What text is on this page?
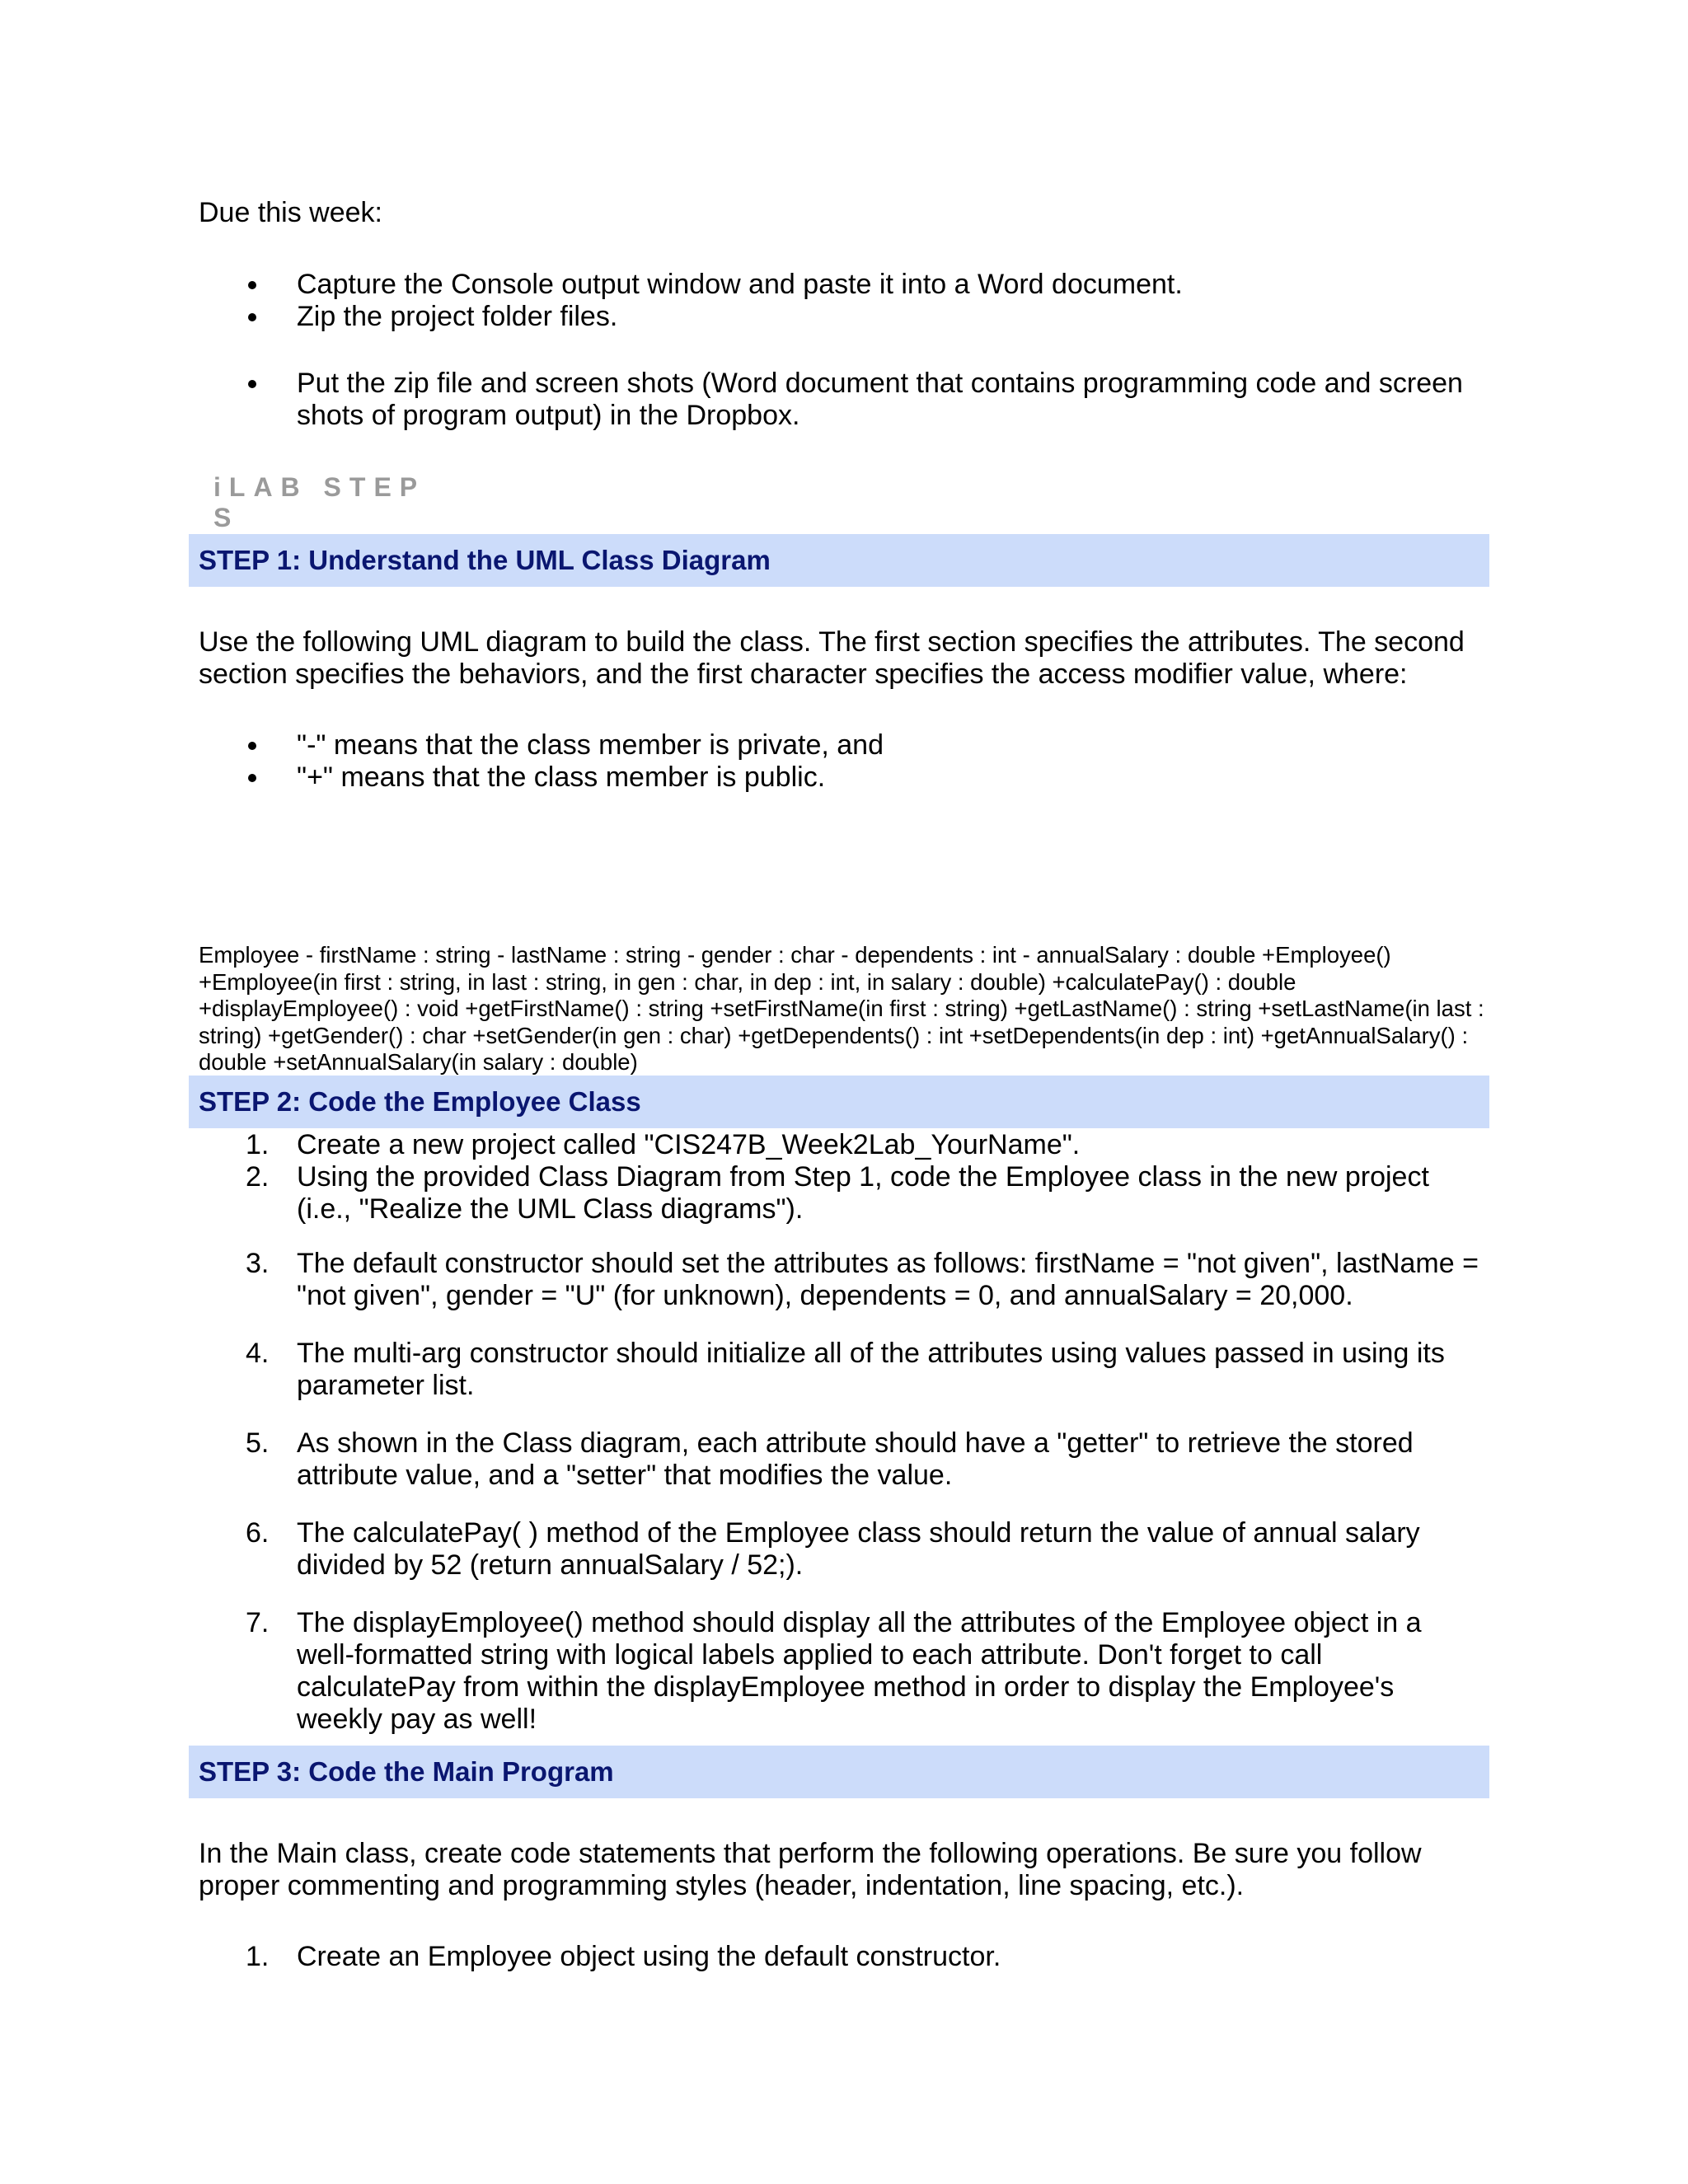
Due this week:

Capture the Console output window and paste it into a Word document.
Zip the project folder files.
Put the zip file and screen shots (Word document that contains programming code and screen shots of program output) in the Dropbox.
iLAB STEPS
STEP 1: Understand the UML Class Diagram

Use the following UML diagram to build the class. The first section specifies the attributes. The second section specifies the behaviors, and the first character specifies the access modifier value, where:

"-" means that the class member is private, and
"+" means that the class member is public.
Employee - firstName : string - lastName : string - gender : char - dependents : int - annualSalary : double +Employee() +Employee(in first : string, in last : string, in gen : char, in dep : int, in salary : double) +calculatePay() : double +displayEmployee() : void +getFirstName() : string +setFirstName(in first : string) +getLastName() : string +setLastName(in last : string) +getGender() : char +setGender(in gen : char) +getDependents() : int +setDependents(in dep : int) +getAnnualSalary() : double +setAnnualSalary(in salary : double)
STEP 2: Code the Employee Class
1. Create a new project called "CIS247B_Week2Lab_YourName".
2. Using the provided Class Diagram from Step 1, code the Employee class in the new project (i.e., "Realize the UML Class diagrams").
3. The default constructor should set the attributes as follows: firstName = "not given", lastName = "not given", gender = "U" (for unknown), dependents = 0, and annualSalary = 20,000.
4. The multi-arg constructor should initialize all of the attributes using values passed in using its parameter list.
5. As shown in the Class diagram, each attribute should have a "getter" to retrieve the stored attribute value, and a "setter" that modifies the value.
6. The calculatePay( ) method of the Employee class should return the value of annual salary divided by 52 (return annualSalary / 52;).
7. The displayEmployee() method should display all the attributes of the Employee object in a well-formatted string with logical labels applied to each attribute. Don't forget to call calculatePay from within the displayEmployee method in order to display the Employee's weekly pay as well!
STEP 3: Code the Main Program

In the Main class, create code statements that perform the following operations. Be sure you follow proper commenting and programming styles (header, indentation, line spacing, etc.).

1. Create an Employee object using the default constructor.
